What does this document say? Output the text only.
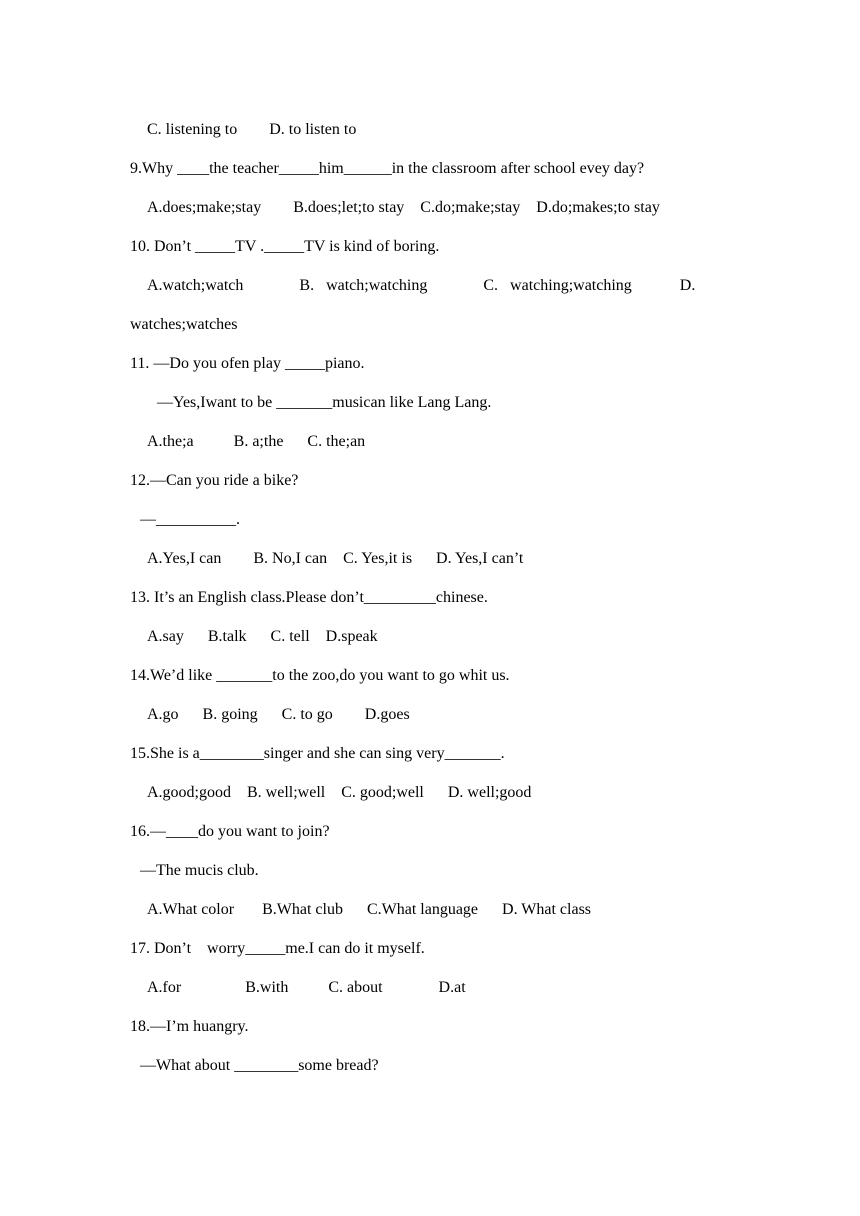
C. listening to        D. to listen to
9.Why ____the teacher_____him______in the classroom after school evey day?
A.does;make;stay        B.does;let;to stay    C.do;make;stay    D.do;makes;to stay
10. Don’t _____TV ._____TV is kind of boring.
A.watch;watch              B.   watch;watching              C.   watching;watching            D.
watches;watches
11. —Do you ofen play _____piano.
—Yes,Iwant to be _______musican like Lang Lang.
A.the;a          B. a;the      C. the;an
12.—Can you ride a bike?
—__________.
A.Yes,I can        B. No,I can    C. Yes,it is      D. Yes,I can’t
13. It’s an English class.Please don’t_________chinese.
A.say      B.talk      C. tell    D.speak
14.We’d like _______to the zoo,do you want to go whit us.
A.go      B. going      C. to go        D.goes
15.She is a________singer and she can sing very_______.
A.good;good    B. well;well    C. good;well      D. well;good
16.—____do you want to join?
—The mucis club.
A.What color       B.What club      C.What language      D. What class
17. Don’t    worry_____me.I can do it myself.
A.for                B.with          C. about              D.at
18.—I’m huangry.
—What about ________some bread?
